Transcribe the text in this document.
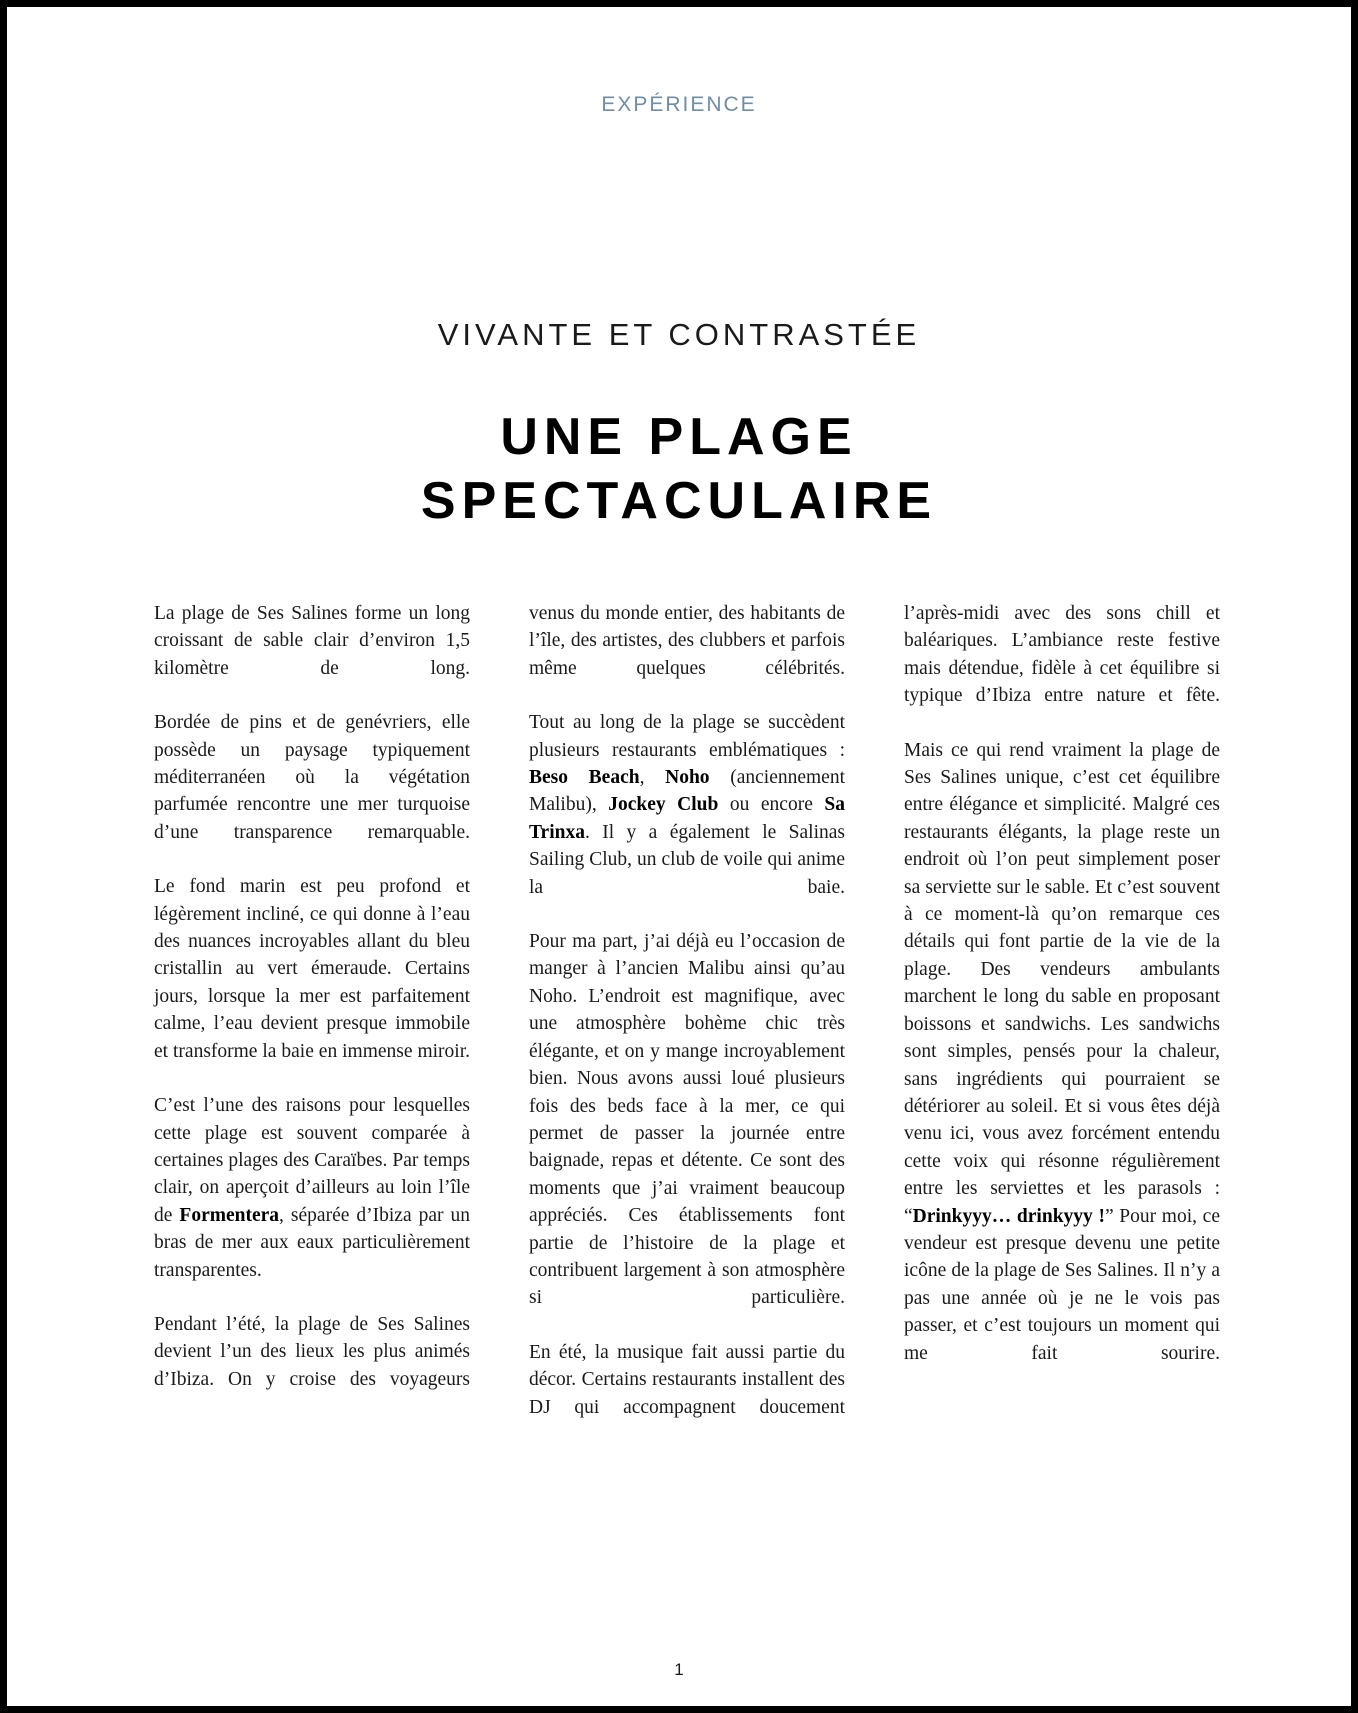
EXPÉRIENCE
VIVANTE ET CONTRASTÉE
UNE PLAGE
SPECTACULAIRE

La plage de Ses Salines forme un long croissant de sable clair d’environ 1,5 kilomètre de long.

Bordée de pins et de genévriers, elle possède un paysage typiquement méditerranéen où la végétation parfumée rencontre une mer turquoise d’une transparence remarquable.

Le fond marin est peu profond et légèrement incliné, ce qui donne à l’eau des nuances incroyables allant du bleu cristallin au vert émeraude. Certains jours, lorsque la mer est parfaitement calme, l’eau devient presque immobile et transforme la baie en immense miroir.

C’est l’une des raisons pour lesquelles cette plage est souvent comparée à certaines plages des Caraïbes. Par temps clair, on aperçoit d’ailleurs au loin l’île de Formentera, séparée d’Ibiza par un bras de mer aux eaux particulièrement transparentes.

Pendant l’été, la plage de Ses Salines devient l’un des lieux les plus animés d’Ibiza. On y croise des voyageurs

venus du monde entier, des habitants de l’île, des artistes, des clubbers et parfois même quelques célébrités.

Tout au long de la plage se succèdent plusieurs restaurants emblématiques : Beso Beach, Noho (anciennement Malibu), Jockey Club ou encore Sa Trinxa. Il y a également le Salinas Sailing Club, un club de voile qui anime la baie.

Pour ma part, j’ai déjà eu l’occasion de manger à l’ancien Malibu ainsi qu’au Noho. L’endroit est magnifique, avec une atmosphère bohème chic très élégante, et on y mange incroyablement bien. Nous avons aussi loué plusieurs fois des beds face à la mer, ce qui permet de passer la journée entre baignade, repas et détente. Ce sont des moments que j’ai vraiment beaucoup appréciés. Ces établissements font partie de l’histoire de la plage et contribuent largement à son atmosphère si particulière.

En été, la musique fait aussi partie du décor. Certains restaurants installent des DJ qui accompagnent doucement

l’après-midi avec des sons chill et baléariques. L’ambiance reste festive mais détendue, fidèle à cet équilibre si typique d’Ibiza entre nature et fête.

Mais ce qui rend vraiment la plage de Ses Salines unique, c’est cet équilibre entre élégance et simplicité. Malgré ces restaurants élégants, la plage reste un endroit où l’on peut simplement poser sa serviette sur le sable. Et c’est souvent à ce moment-là qu’on remarque ces détails qui font partie de la vie de la plage. Des vendeurs ambulants marchent le long du sable en proposant boissons et sandwichs. Les sandwichs sont simples, pensés pour la chaleur, sans ingrédients qui pourraient se détériorer au soleil. Et si vous êtes déjà venu ici, vous avez forcément entendu cette voix qui résonne régulièrement entre les serviettes et les parasols : “Drinkyyy… drinkyyy !” Pour moi, ce vendeur est presque devenu une petite icône de la plage de Ses Salines. Il n’y a pas une année où je ne le vois pas passer, et c’est toujours un moment qui me fait sourire.

1
